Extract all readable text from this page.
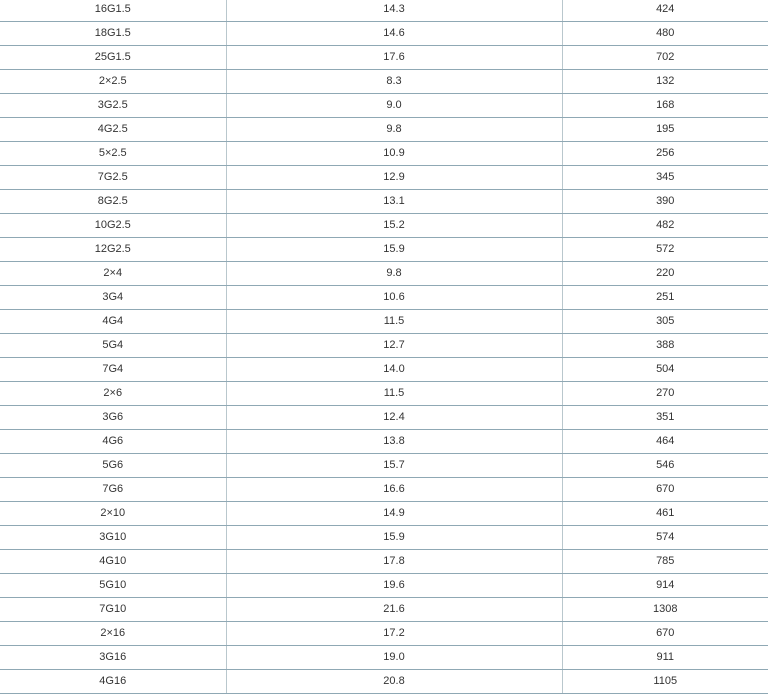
16G1.5	14.3	424
18G1.5	14.6	480
25G1.5	17.6	702
2×2.5	8.3	132
3G2.5	9.0	168
4G2.5	9.8	195
5×2.5	10.9	256
7G2.5	12.9	345
8G2.5	13.1	390
10G2.5	15.2	482
12G2.5	15.9	572
2×4	9.8	220
3G4	10.6	251
4G4	11.5	305
5G4	12.7	388
7G4	14.0	504
2×6	11.5	270
3G6	12.4	351
4G6	13.8	464
5G6	15.7	546
7G6	16.6	670
2×10	14.9	461
3G10	15.9	574
4G10	17.8	785
5G10	19.6	914
7G10	21.6	1308
2×16	17.2	670
3G16	19.0	911
4G16	20.8	1105
